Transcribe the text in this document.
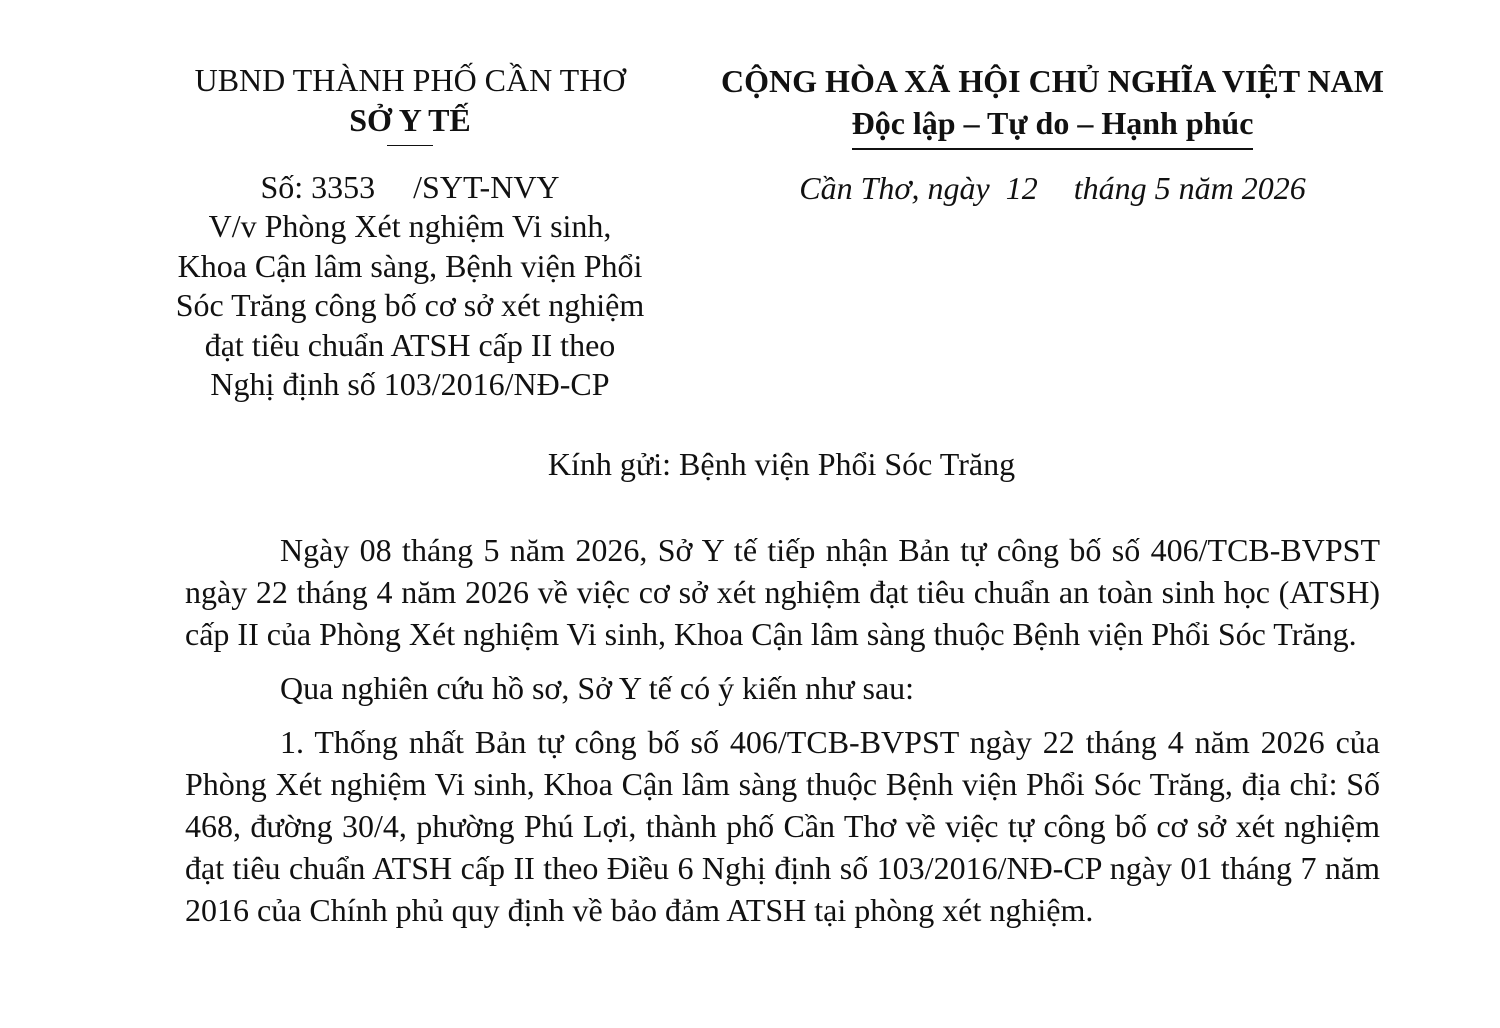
UBND THÀNH PHỐ CẦN THƠ
SỞ Y TẾ
CỘNG HÒA XÃ HỘI CHỦ NGHĨA VIỆT NAM
Độc lập – Tự do – Hạnh phúc
Số: 3353 /SYT-NVY
V/v Phòng Xét nghiệm Vi sinh,
Khoa Cận lâm sàng, Bệnh viện Phổi
Sóc Trăng công bố cơ sở xét nghiệm
đạt tiêu chuẩn ATSH cấp II theo
Nghị định số 103/2016/NĐ-CP
Cần Thơ, ngày 12 tháng 5 năm 2026
Kính gửi: Bệnh viện Phổi Sóc Trăng

Ngày 08 tháng 5 năm 2026, Sở Y tế tiếp nhận Bản tự công bố số 406/TCB-BVPST ngày 22 tháng 4 năm 2026 về việc cơ sở xét nghiệm đạt tiêu chuẩn an toàn sinh học (ATSH) cấp II của Phòng Xét nghiệm Vi sinh, Khoa Cận lâm sàng thuộc Bệnh viện Phổi Sóc Trăng.

Qua nghiên cứu hồ sơ, Sở Y tế có ý kiến như sau:

1. Thống nhất Bản tự công bố số 406/TCB-BVPST ngày 22 tháng 4 năm 2026 của Phòng Xét nghiệm Vi sinh, Khoa Cận lâm sàng thuộc Bệnh viện Phổi Sóc Trăng, địa chỉ: Số 468, đường 30/4, phường Phú Lợi, thành phố Cần Thơ về việc tự công bố cơ sở xét nghiệm đạt tiêu chuẩn ATSH cấp II theo Điều 6 Nghị định số 103/2016/NĐ-CP ngày 01 tháng 7 năm 2016 của Chính phủ quy định về bảo đảm ATSH tại phòng xét nghiệm.
